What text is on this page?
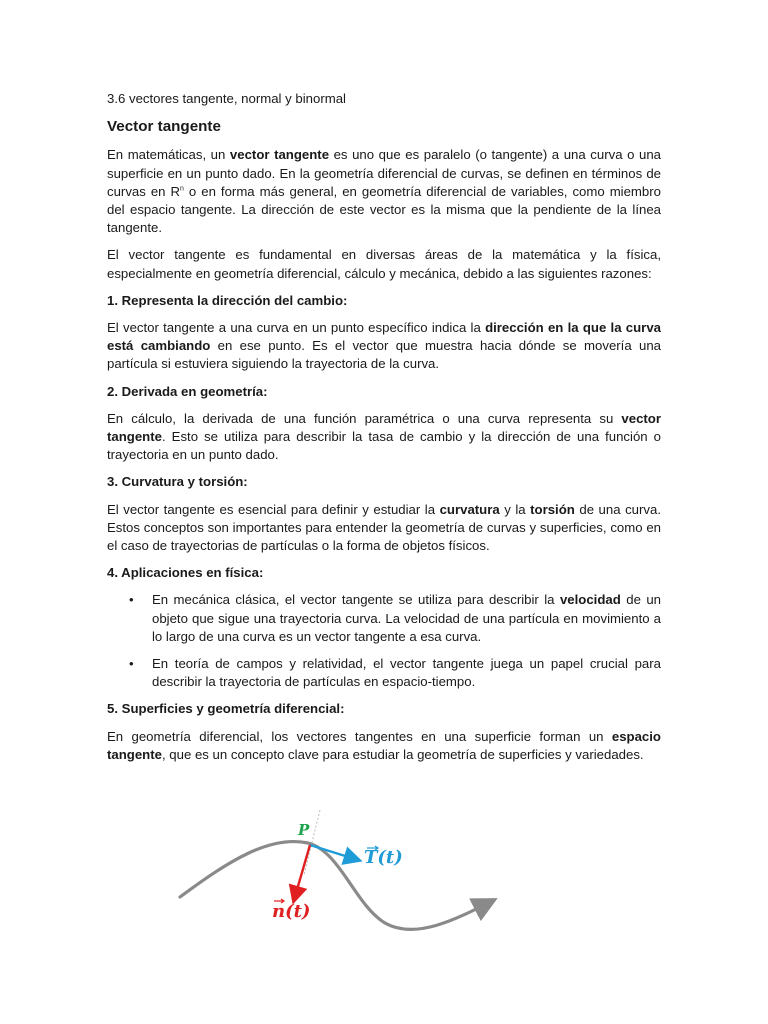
3.6 vectores tangente, normal y binormal

Vector tangente

En matemáticas, un vector tangente es uno que es paralelo (o tangente) a una curva o una superficie en un punto dado. En la geometría diferencial de curvas, se definen en términos de curvas en $R^n$ o en forma más general, en geometría diferencial de variables, como miembro del espacio tangente. La dirección de este vector es la misma que la pendiente de la línea tangente.

El vector tangente es fundamental en diversas áreas de la matemática y la física, especialmente en geometría diferencial, cálculo y mecánica, debido a las siguientes razones:

1. Representa la dirección del cambio:

El vector tangente a una curva en un punto específico indica la dirección en la que la curva está cambiando en ese punto. Es el vector que muestra hacia dónde se movería una partícula si estuviera siguiendo la trayectoria de la curva.

2. Derivada en geometría:

En cálculo, la derivada de una función paramétrica o una curva representa su vector tangente. Esto se utiliza para describir la tasa de cambio y la dirección de una función o trayectoria en un punto dado.

3. Curvatura y torsión:

El vector tangente es esencial para definir y estudiar la curvatura y la torsión de una curva. Estos conceptos son importantes para entender la geometría de curvas y superficies, como en el caso de trayectorias de partículas o la forma de objetos físicos.

4. Aplicaciones en física:
• En mecánica clásica, el vector tangente se utiliza para describir la velocidad de un objeto que sigue una trayectoria curva. La velocidad de una partícula en movimiento a lo largo de una curva es un vector tangente a esa curva.
• En teoría de campos y relatividad, el vector tangente juega un papel crucial para describir la trayectoria de partículas en espacio-tiempo.
5. Superficies y geometría diferencial:

En geometría diferencial, los vectores tangentes en una superficie forman un espacio tangente, que es un concepto clave para estudiar la geometría de superficies y variedades.

P
T(t)
n(t)
